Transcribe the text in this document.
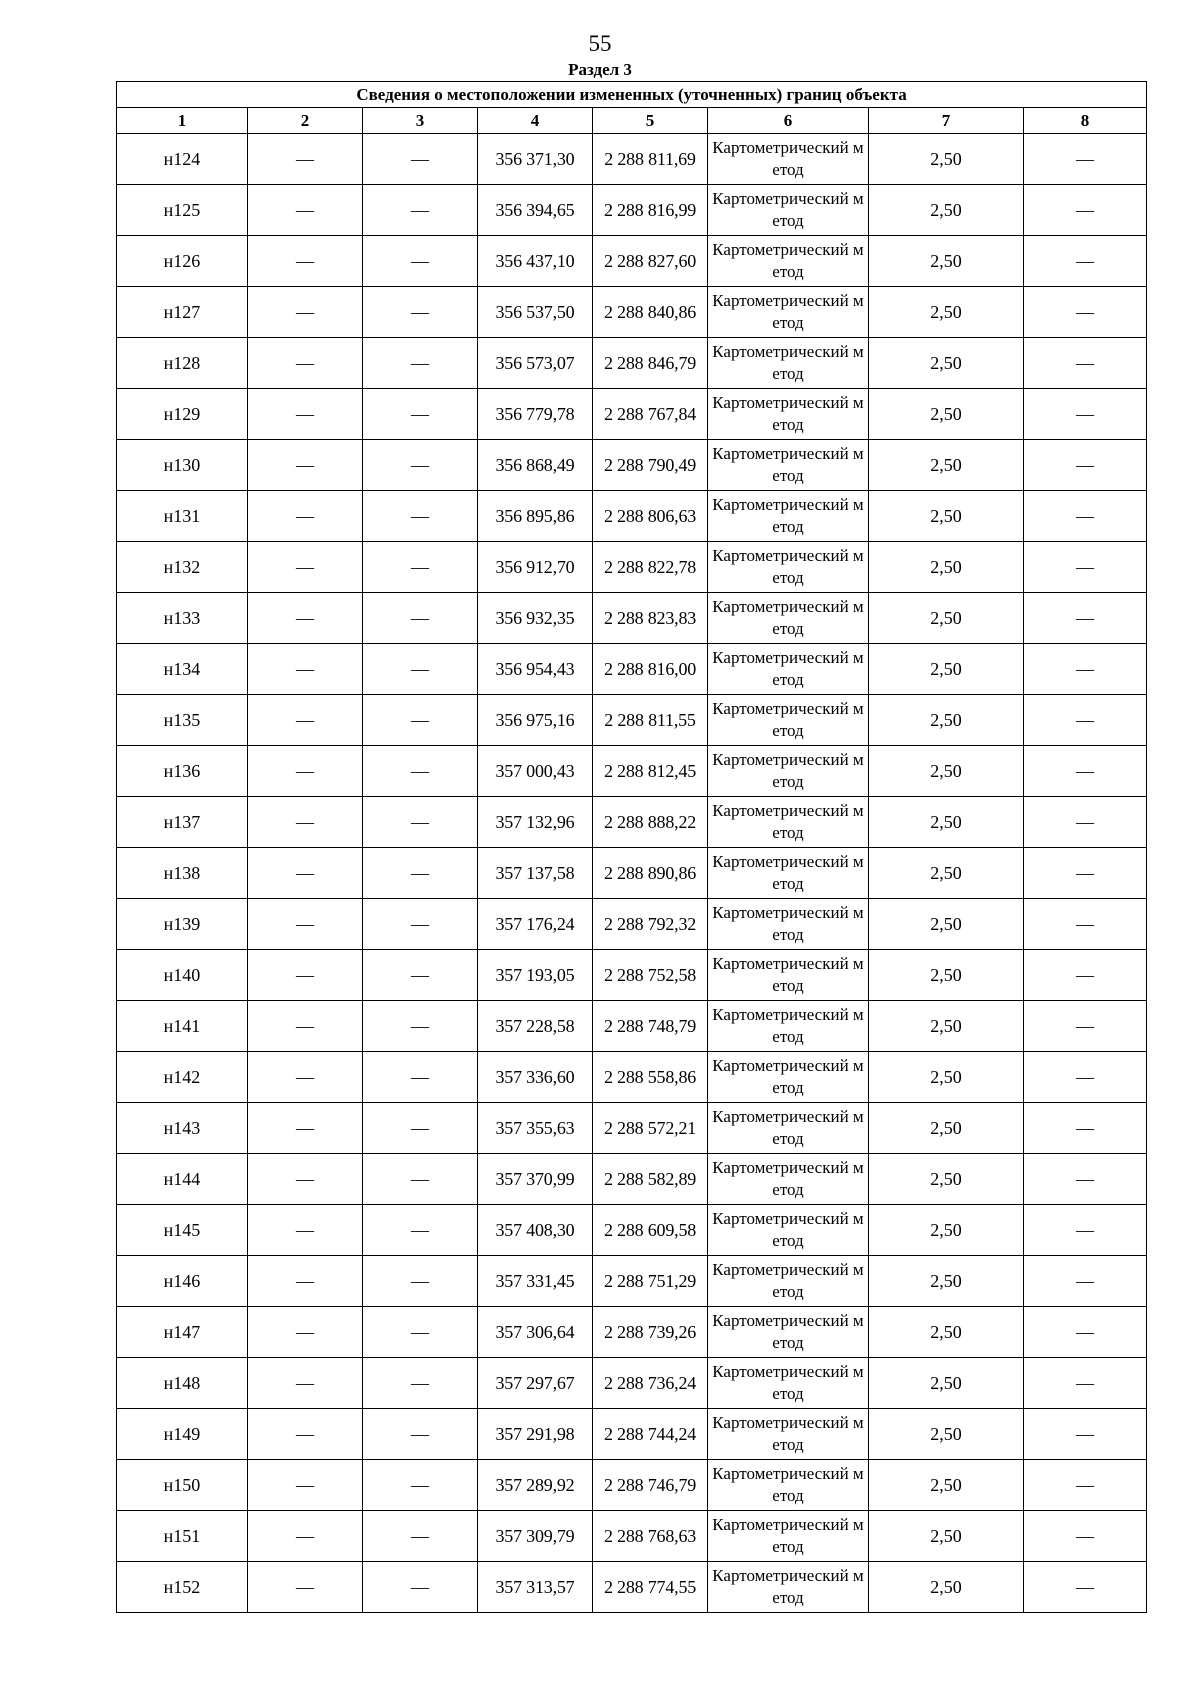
55
Раздел 3
Сведения о местоположении измененных (уточненных) границ объекта							
1	2	3	4	5	6	7	8
н124	—	—	356 371,30	2 288 811,69	Картометрический метод	2,50	—
н125	—	—	356 394,65	2 288 816,99	Картометрический метод	2,50	—
н126	—	—	356 437,10	2 288 827,60	Картометрический метод	2,50	—
н127	—	—	356 537,50	2 288 840,86	Картометрический метод	2,50	—
н128	—	—	356 573,07	2 288 846,79	Картометрический метод	2,50	—
н129	—	—	356 779,78	2 288 767,84	Картометрический метод	2,50	—
н130	—	—	356 868,49	2 288 790,49	Картометрический метод	2,50	—
н131	—	—	356 895,86	2 288 806,63	Картометрический метод	2,50	—
н132	—	—	356 912,70	2 288 822,78	Картометрический метод	2,50	—
н133	—	—	356 932,35	2 288 823,83	Картометрический метод	2,50	—
н134	—	—	356 954,43	2 288 816,00	Картометрический метод	2,50	—
н135	—	—	356 975,16	2 288 811,55	Картометрический метод	2,50	—
н136	—	—	357 000,43	2 288 812,45	Картометрический метод	2,50	—
н137	—	—	357 132,96	2 288 888,22	Картометрический метод	2,50	—
н138	—	—	357 137,58	2 288 890,86	Картометрический метод	2,50	—
н139	—	—	357 176,24	2 288 792,32	Картометрический метод	2,50	—
н140	—	—	357 193,05	2 288 752,58	Картометрический метод	2,50	—
н141	—	—	357 228,58	2 288 748,79	Картометрический метод	2,50	—
н142	—	—	357 336,60	2 288 558,86	Картометрический метод	2,50	—
н143	—	—	357 355,63	2 288 572,21	Картометрический метод	2,50	—
н144	—	—	357 370,99	2 288 582,89	Картометрический метод	2,50	—
н145	—	—	357 408,30	2 288 609,58	Картометрический метод	2,50	—
н146	—	—	357 331,45	2 288 751,29	Картометрический метод	2,50	—
н147	—	—	357 306,64	2 288 739,26	Картометрический метод	2,50	—
н148	—	—	357 297,67	2 288 736,24	Картометрический метод	2,50	—
н149	—	—	357 291,98	2 288 744,24	Картометрический метод	2,50	—
н150	—	—	357 289,92	2 288 746,79	Картометрический метод	2,50	—
н151	—	—	357 309,79	2 288 768,63	Картометрический метод	2,50	—
н152	—	—	357 313,57	2 288 774,55	Картометрический метод	2,50	—
